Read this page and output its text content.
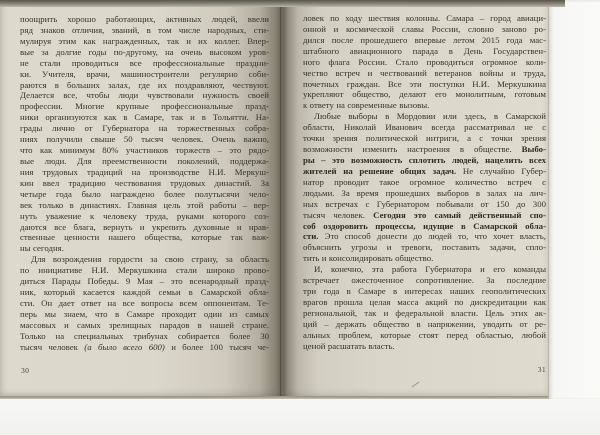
поощрить хорошо работающих, активных людей, ввели
ряд знаков отличия, званий, в том числе народных, сти-
мулируя этим как награжденных, так и их коллег. Впер-
вые за долгие годы по-другому, на очень высоком уров-
не стали проводиться все профессиональные праздни-
ки. Учителя, врачи, машиностроители регулярно соби-
раются в больших залах, где их поздравляют, чествуют.
Делается все, чтобы люди чувствовали нужность своей
профессии. Многие крупные профессиональные празд-
ники организуются как в Самаре, так и в Тольятти. На-
грады лично от Губернатора на торжественных собра-
ниях получили свыше 50 тысяч человек. Очень важно,
что как минимум 80% участников торжеств – это рядо-
вые люди. Для преемственности поколений, поддержа-
ния трудовых традиций на производстве Н.И. Меркуш-
кин ввел традицию чествования трудовых династий. За
четыре года было награждено более полутысячи чело-
век только в династиях. Главная цель этой работы – вер-
нуть уважение к человеку труда, руками которого соз-
даются все блага, вернуть и укрепить духовные и нрав-
ственные ценности нашего общества, которые так важ-
ны сегодня.
Для возрождения гордости за свою страну, за область
по инициативе Н.И. Меркушкина стали широко прово-
диться Парады Победы. 9 Мая – это всенародный празд-
ник, который касается каждой семьи в Самарской обла-
сти. Он дает ответ на все вопросы всем оппонентам. Те-
перь мы знаем, что в Самаре проходит один из самых
массовых и самых зрелищных парадов в нашей стране.
Только на специальных трибунах собирается более 30
тысяч человек (а было всего 600) и более 100 тысяч че-
ловек по ходу шествия колонны. Самара – город авиаци-
онной и космической славы России, словно заново ро-
дился после прошедшего впервые летом 2015 года мас-
штабного авиационного парада в День Государствен-
ного флага России. Стало проводиться огромное коли-
чество встреч и чествований ветеранов войны и труда,
почетных граждан. Все эти поступки Н.И. Меркушкина
укрепляют общество, делают его монолитным, готовым
к ответу на современные вызовы.
Любые выборы в Мордовии или здесь, в Самарской
области, Николай Иванович всегда рассматривал не с
точки зрения политической интриги, а с точки зрения
возможности изменить настроения в обществе. Выбо-
ры – это возможность сплотить людей, нацелить всех
жителей на решение общих задач. Не случайно Губер-
натор проводит такое огромное количество встреч с
людьми. За время прошедших выборов в залах на лич-
ных встречах с Губернатором побывали от 150 до 300
тысяч человек. Сегодня это самый действенный спо-
соб оздоровить процессы, идущие в Самарской обла-
сти. Это способ донести до людей то, что хочет власть,
объяснить угрозы и тревоги, поставить задачи, спло-
тить и консолидировать общество.
И, конечно, эта работа Губернатора и его команды
встречает ожесточенное сопротивление. За последние
три года в Самаре в интересах наших геополитических
врагов прошла целая масса акций по дискредитации как
региональной, так и федеральной власти. Цель этих ак-
ций – держать общество в напряжении, уводить от ре-
альных проблем, которые стоят перед областью, любой
ценой расшатать власть.
30	31
